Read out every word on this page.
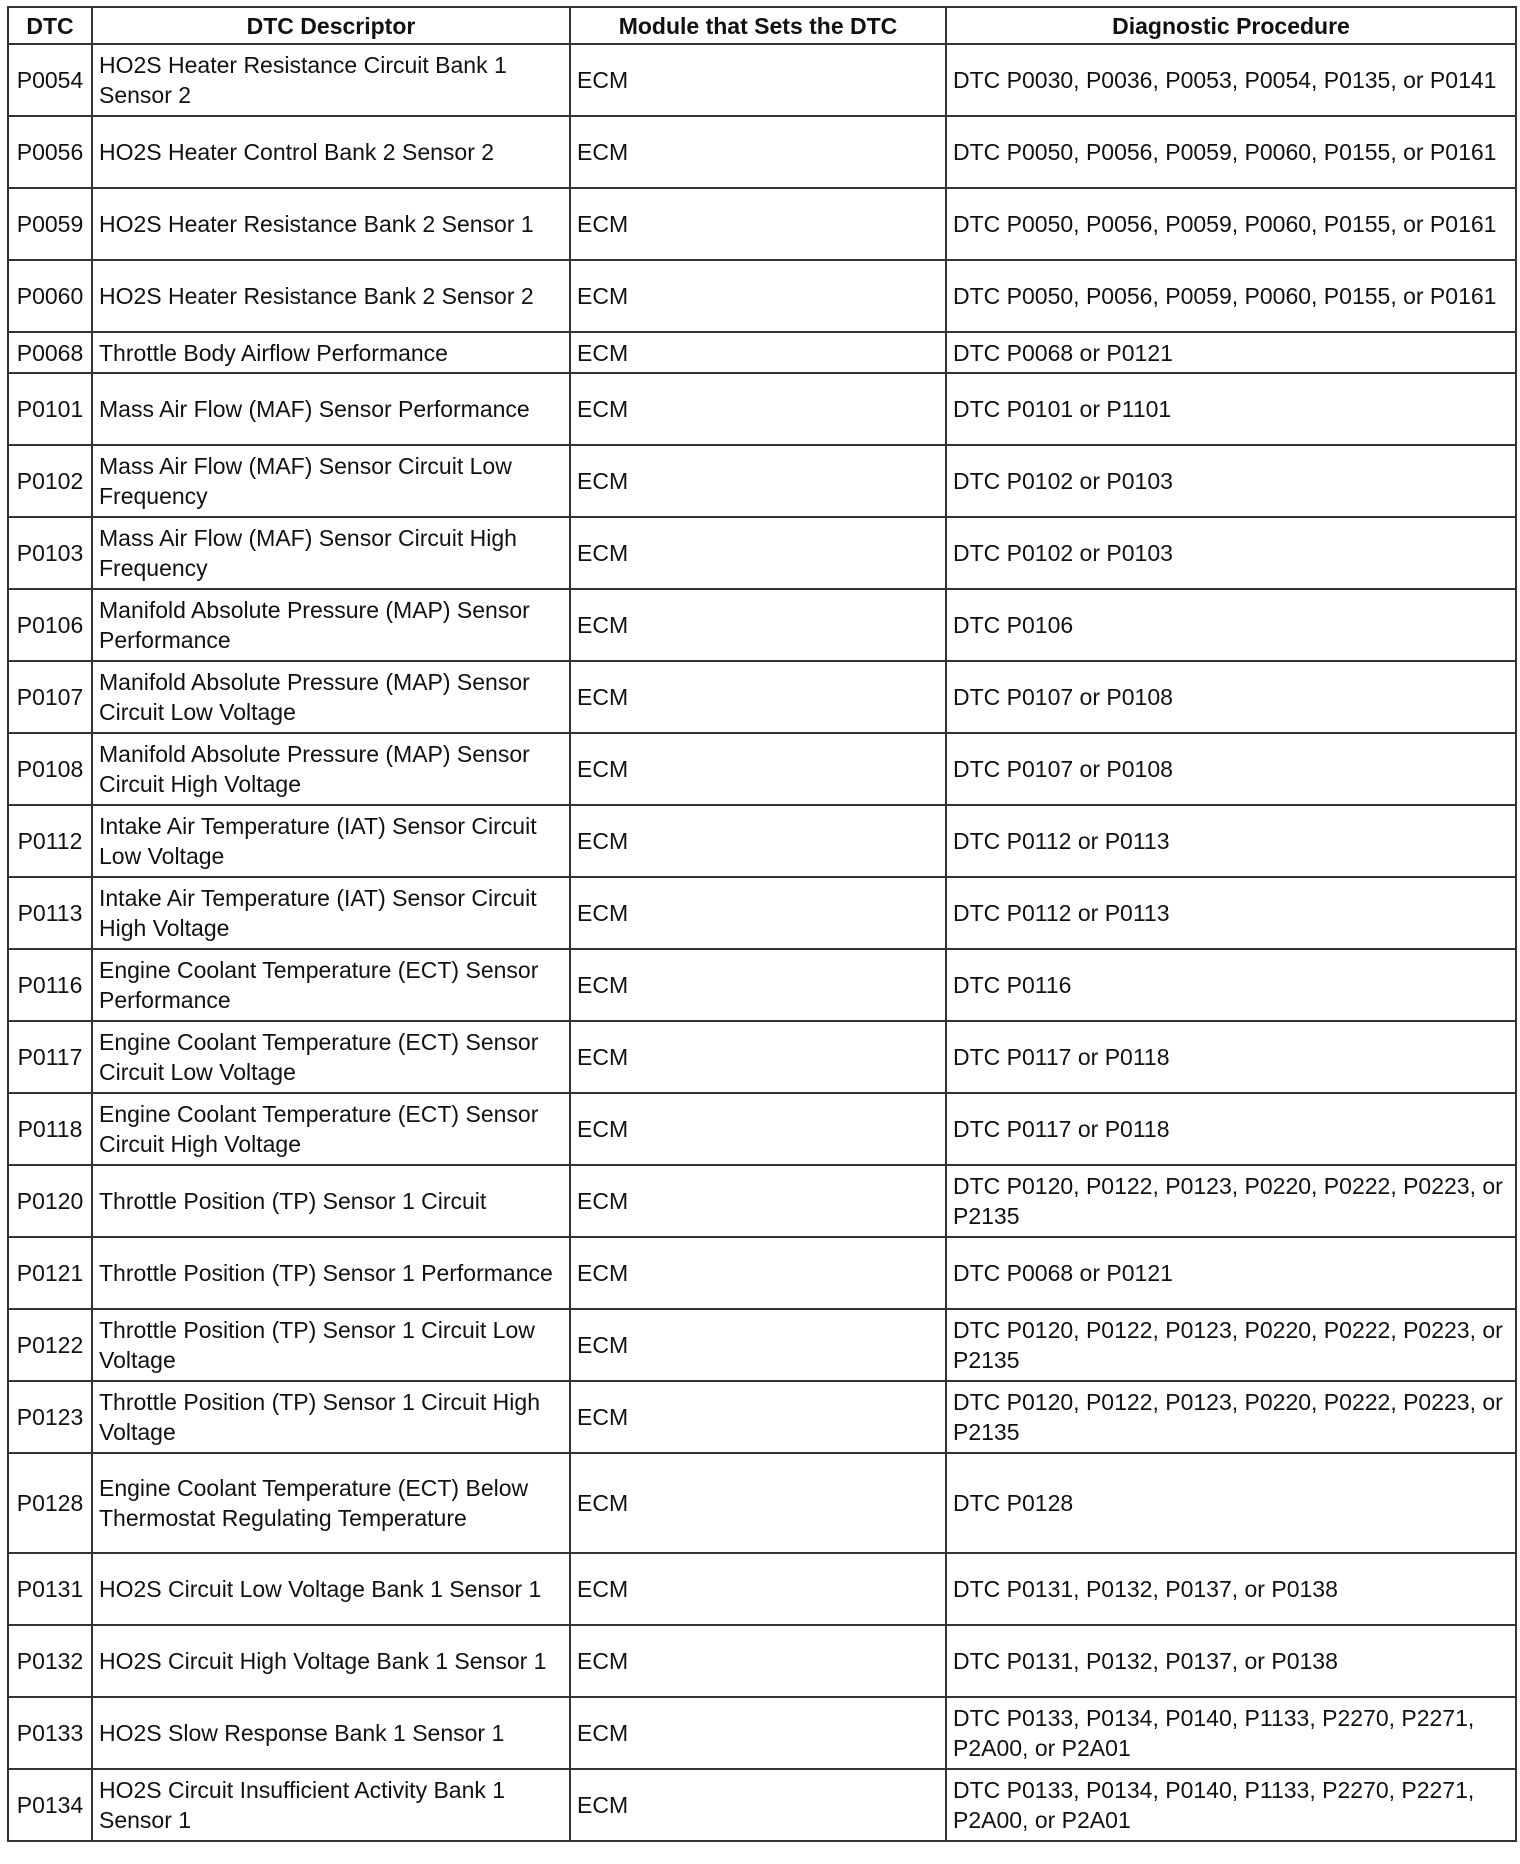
DTC	DTC Descriptor	Module that Sets the DTC	Diagnostic Procedure
P0054	HO2S Heater Resistance Circuit Bank 1 Sensor 2	ECM	DTC P0030, P0036, P0053, P0054, P0135, or P0141
P0056	HO2S Heater Control Bank 2 Sensor 2	ECM	DTC P0050, P0056, P0059, P0060, P0155, or P0161
P0059	HO2S Heater Resistance Bank 2 Sensor 1	ECM	DTC P0050, P0056, P0059, P0060, P0155, or P0161
P0060	HO2S Heater Resistance Bank 2 Sensor 2	ECM	DTC P0050, P0056, P0059, P0060, P0155, or P0161
P0068	Throttle Body Airflow Performance	ECM	DTC P0068 or P0121
P0101	Mass Air Flow (MAF) Sensor Performance	ECM	DTC P0101 or P1101
P0102	Mass Air Flow (MAF) Sensor Circuit Low Frequency	ECM	DTC P0102 or P0103
P0103	Mass Air Flow (MAF) Sensor Circuit High Frequency	ECM	DTC P0102 or P0103
P0106	Manifold Absolute Pressure (MAP) Sensor Performance	ECM	DTC P0106
P0107	Manifold Absolute Pressure (MAP) Sensor Circuit Low Voltage	ECM	DTC P0107 or P0108
P0108	Manifold Absolute Pressure (MAP) Sensor Circuit High Voltage	ECM	DTC P0107 or P0108
P0112	Intake Air Temperature (IAT) Sensor Circuit Low Voltage	ECM	DTC P0112 or P0113
P0113	Intake Air Temperature (IAT) Sensor Circuit High Voltage	ECM	DTC P0112 or P0113
P0116	Engine Coolant Temperature (ECT) Sensor Performance	ECM	DTC P0116
P0117	Engine Coolant Temperature (ECT) Sensor Circuit Low Voltage	ECM	DTC P0117 or P0118
P0118	Engine Coolant Temperature (ECT) Sensor Circuit High Voltage	ECM	DTC P0117 or P0118
P0120	Throttle Position (TP) Sensor 1 Circuit	ECM	DTC P0120, P0122, P0123, P0220, P0222, P0223, or P2135
P0121	Throttle Position (TP) Sensor 1 Performance	ECM	DTC P0068 or P0121
P0122	Throttle Position (TP) Sensor 1 Circuit Low Voltage	ECM	DTC P0120, P0122, P0123, P0220, P0222, P0223, or P2135
P0123	Throttle Position (TP) Sensor 1 Circuit High Voltage	ECM	DTC P0120, P0122, P0123, P0220, P0222, P0223, or P2135
P0128	Engine Coolant Temperature (ECT) Below Thermostat Regulating Temperature	ECM	DTC P0128
P0131	HO2S Circuit Low Voltage Bank 1 Sensor 1	ECM	DTC P0131, P0132, P0137, or P0138
P0132	HO2S Circuit High Voltage Bank 1 Sensor 1	ECM	DTC P0131, P0132, P0137, or P0138
P0133	HO2S Slow Response Bank 1 Sensor 1	ECM	DTC P0133, P0134, P0140, P1133, P2270, P2271, P2A00, or P2A01
P0134	HO2S Circuit Insufficient Activity Bank 1 Sensor 1	ECM	DTC P0133, P0134, P0140, P1133, P2270, P2271, P2A00, or P2A01
